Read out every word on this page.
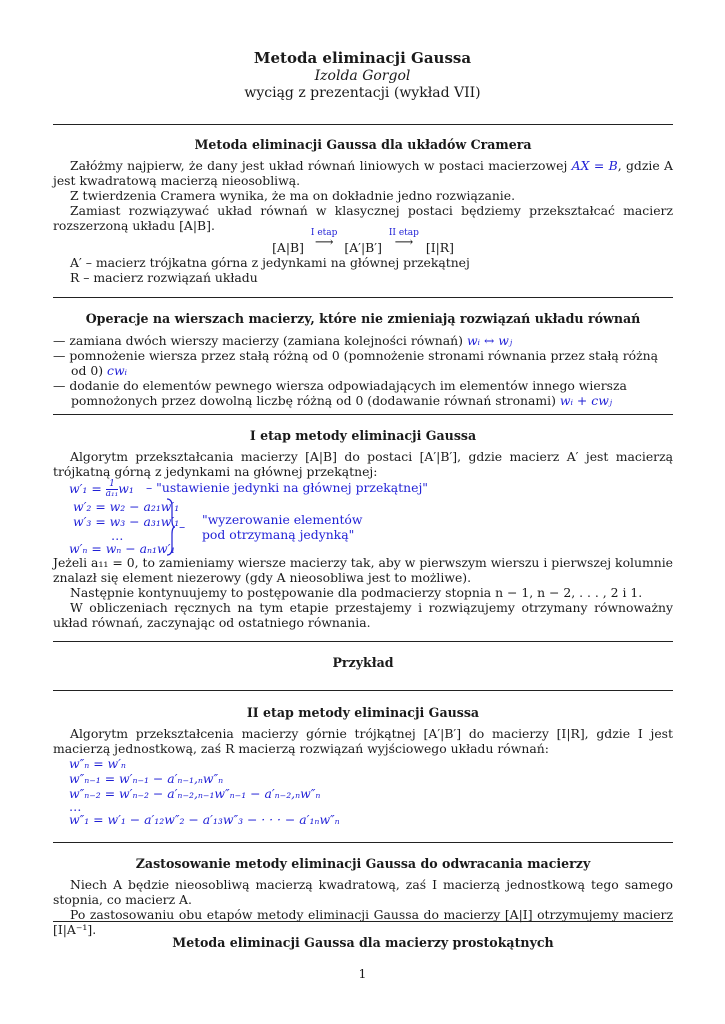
Metoda eliminacji Gaussa
Izolda Gorgol
wyciąg z prezentacji (wykład VII)
Metoda eliminacji Gaussa dla układów Cramera

Załóżmy najpierw, że dany jest układ równań liniowych w postaci macierzowej AX = B, gdzie A jest kwadratową macierzą nieosobliwą.

Z twierdzenia Cramera wynika, że ma on dokładnie jedno rozwiązanie.

Zamiast rozwiązywać układ równań w klasycznej postaci będziemy przekształcać macierz rozszerzoną układu [A|B].

[A|B]
I etap
⟶ [A′|B′]
II etap
⟶	[I|R]

A′ – macierz trójkatna górna z jedynkami na głównej przekątnej

R – macierz rozwiązań układu

Operacje na wierszach macierzy, które nie zmieniają rozwiązań układu równań

— zamiana dwóch wierszy macierzy (zamiana kolejności równań) wᵢ ↔ wⱼ

— pomnożenie wiersza przez stałą różną od 0 (pomnożenie stronami równania przez stałą różną od 0) cwᵢ

— dodanie do elementów pewnego wiersza odpowiadających im elementów innego wiersza pomnożonych przez dowolną liczbę różną od 0 (dodawanie równań stronami) wᵢ + cwⱼ

I etap metody eliminacji Gaussa

Algorytm przekształcania macierzy [A|B] do postaci [A′|B′], gdzie macierz A′ jest macierzą trójkatną górną z jedynkami na głównej przekątnej:

$w'_1 = \frac{1}{\text{a₁₁}} w_1$ – "ustawienie jedynki na głównej przekątnej"
w′₂ = w₂ − a₂₁w′₁
w′₃ = w₃ − a₃₁w′₁
…
w′ₙ = wₙ − aₙ₁w′₁
– "wyzerowanie elementów
pod otrzymaną jedynką"

Jeżeli a₁₁ = 0, to zamieniamy wiersze macierzy tak, aby w pierwszym wierszu i pierwszej kolumnie znalazł się element niezerowy (gdy A nieosobliwa jest to możliwe).

Następnie kontynuujemy to postępowanie dla podmacierzy stopnia n − 1, n − 2, . . . , 2 i 1.

W obliczeniach ręcznych na tym etapie przestajemy i rozwiązujemy otrzymany równoważny układ równań, zaczynając od ostatniego równania.

Przykład
II etap metody eliminacji Gaussa

Algorytm przekształcenia macierzy górnie trójkątnej [A′|B′] do macierzy [I|R], gdzie I jest macierzą jednostkową, zaś R macierzą rozwiązań wyjściowego układu równań:

w″ₙ = w′ₙ
w″ₙ₋₁ = w′ₙ₋₁ − a′ₙ₋₁,ₙw″ₙ
w″ₙ₋₂ = w′ₙ₋₂ − a′ₙ₋₂,ₙ₋₁w″ₙ₋₁ − a′ₙ₋₂,ₙw″ₙ
…
w″₁ = w′₁ − a′₁₂w″₂ − a′₁₃w″₃ − · · · − a′₁ₙw″ₙ
Zastosowanie metody eliminacji Gaussa do odwracania macierzy

Niech A będzie nieosobliwą macierzą kwadratową, zaś I macierzą jednostkową tego samego stopnia, co macierz A.

Po zastosowaniu obu etapów metody eliminacji Gaussa do macierzy [A|I] otrzymujemy macierz [I|A⁻¹].

Metoda eliminacji Gaussa dla macierzy prostokątnych
1
